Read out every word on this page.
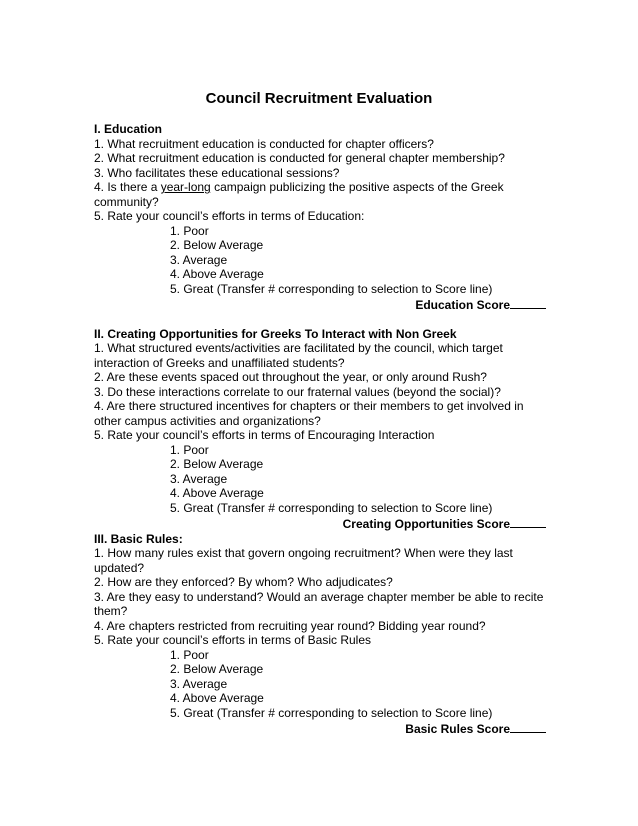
Council Recruitment Evaluation
I. Education
1. What recruitment education is conducted for chapter officers?
2. What recruitment education is conducted for general chapter membership?
3. Who facilitates these educational sessions?
4. Is there a year-long campaign publicizing the positive aspects of the Greek community?
5. Rate your council’s efforts in terms of Education:
1. Poor
2. Below Average
3. Average
4. Above Average
5. Great (Transfer # corresponding to selection to Score line)
Education Score
II. Creating Opportunities for Greeks To Interact with Non Greek
1. What structured events/activities are facilitated by the council, which target interaction of Greeks and unaffiliated students?
2. Are these events spaced out throughout the year, or only around Rush?
3. Do these interactions correlate to our fraternal values (beyond the social)?
4. Are there structured incentives for chapters or their members to get involved in other campus activities and organizations?
5. Rate your council’s efforts in terms of Encouraging Interaction
1. Poor
2. Below Average
3. Average
4. Above Average
5. Great (Transfer # corresponding to selection to Score line)
Creating Opportunities Score
III. Basic Rules:
1. How many rules exist that govern ongoing recruitment? When were they last updated?
2. How are they enforced? By whom? Who adjudicates?
3. Are they easy to understand? Would an average chapter member be able to recite them?
4. Are chapters restricted from recruiting year round? Bidding year round?
5. Rate your council’s efforts in terms of Basic Rules
1. Poor
2. Below Average
3. Average
4. Above Average
5. Great (Transfer # corresponding to selection to Score line)
Basic Rules Score
